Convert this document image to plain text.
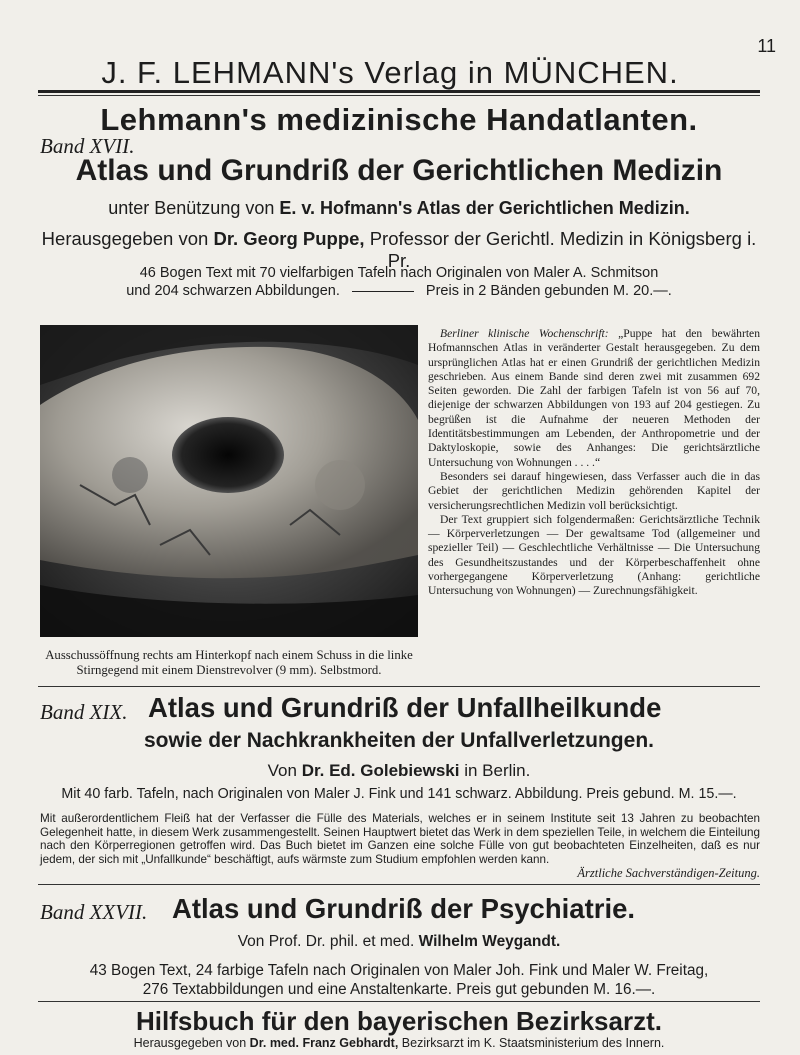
11
J. F. LEHMANN's Verlag in MÜNCHEN.
Lehmann's medizinische Handatlanten.
Band XVII.
Atlas und Grundriß der Gerichtlichen Medizin
unter Benützung von E. v. Hofmann's Atlas der Gerichtlichen Medizin.
Herausgegeben von Dr. Georg Puppe, Professor der Gerichtl. Medizin in Königsberg i. Pr.
46 Bogen Text mit 70 vielfarbigen Tafeln nach Originalen von Maler A. Schmitson
und 204 schwarzen Abbildungen.	Preis in 2 Bänden gebunden M. 20.—.
Ausschussöffnung rechts am Hinterkopf nach einem Schuss in die linke Stirngegend mit einem Dienstrevolver (9 mm). Selbstmord.

Berliner klinische Wochenschrift: „Puppe hat den bewährten Hofmannschen Atlas in veränderter Gestalt herausgegeben. Zu dem ursprünglichen Atlas hat er einen Grundriß der gerichtlichen Medizin geschrieben. Aus einem Bande sind deren zwei mit zusammen 692 Seiten geworden. Die Zahl der farbigen Tafeln ist von 56 auf 70, diejenige der schwarzen Abbildungen von 193 auf 204 gestiegen. Zu begrüßen ist die Aufnahme der neueren Methoden der Identitätsbestimmungen am Lebenden, der Anthropometrie und der Daktyloskopie, sowie des Anhanges: Die gerichtsärztliche Untersuchung von Wohnungen . . . .“

Besonders sei darauf hingewiesen, dass Verfasser auch die in das Gebiet der gerichtlichen Medizin gehörenden Kapitel der versicherungsrechtlichen Medizin voll berücksichtigt.

Der Text gruppiert sich folgendermaßen: Gerichtsärztliche Technik — Körperverletzungen — Der gewaltsame Tod (allgemeiner und spezieller Teil) — Geschlechtliche Verhältnisse — Die Untersuchung des Gesundheitszustandes und der Körperbeschaffenheit ohne vorhergegangene Körperverletzung (Anhang: gerichtliche Untersuchung von Wohnungen) — Zurechnungsfähigkeit.

Band XIX. Atlas und Grundriß der Unfallheilkunde
sowie der Nachkrankheiten der Unfallverletzungen.
Von Dr. Ed. Golebiewski in Berlin.
Mit 40 farb. Tafeln, nach Originalen von Maler J. Fink und 141 schwarz. Abbildung. Preis gebund. M. 15.—.
Mit außerordentlichem Fleiß hat der Verfasser die Fülle des Materials, welches er in seinem Institute seit 13 Jahren zu beobachten Gelegenheit hatte, in diesem Werk zusammengestellt. Seinen Hauptwert bietet das Werk in dem speziellen Teile, in welchem die Einteilung nach den Körperregionen getroffen wird. Das Buch bietet im Ganzen eine solche Fülle von gut beobachteten Einzelheiten, daß es nur jedem, der sich mit „Unfallkunde“ beschäftigt, aufs wärmste zum Studium empfohlen werden kann.
Ärztliche Sachverständigen-Zeitung.
Band XXVII. Atlas und Grundriß der Psychiatrie.
Von Prof. Dr. phil. et med. Wilhelm Weygandt.
43 Bogen Text, 24 farbige Tafeln nach Originalen von Maler Joh. Fink und Maler W. Freitag,
276 Textabbildungen und eine Anstaltenkarte. Preis gut gebunden M. 16.—.
Hilfsbuch für den bayerischen Bezirksarzt.
Herausgegeben von Dr. med. Franz Gebhardt, Bezirksarzt im K. Staatsministerium des Innern.
